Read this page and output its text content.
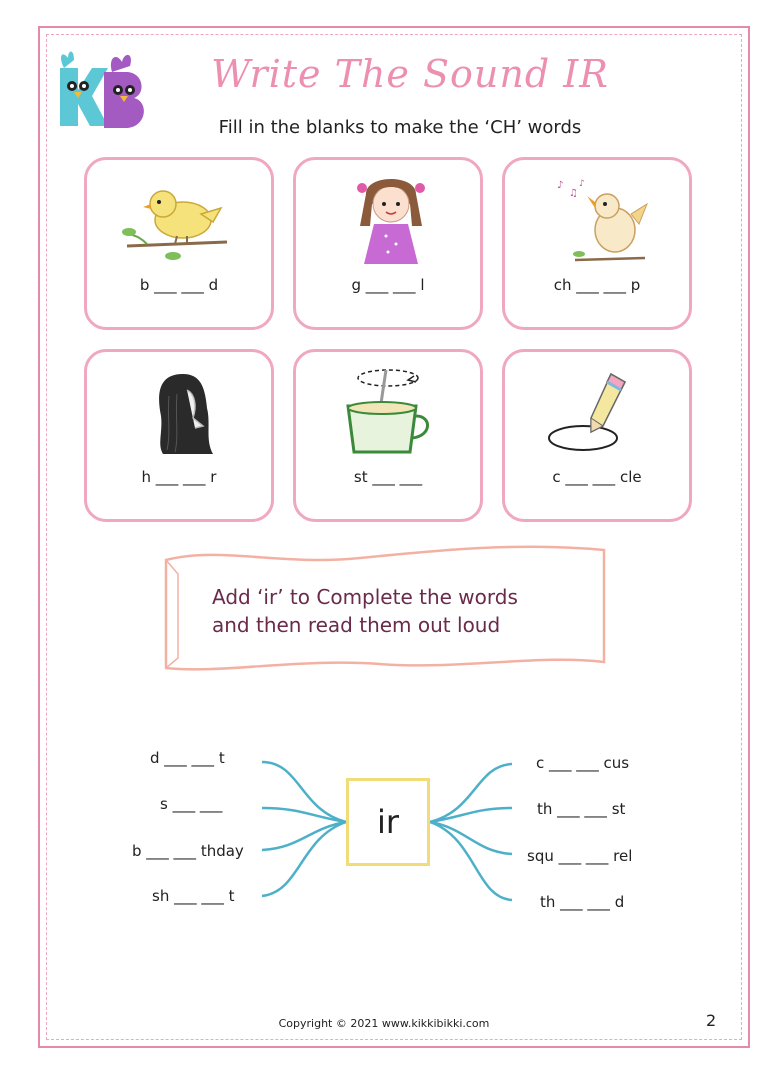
Write The Sound IR
Fill in the blanks to make the ‘CH’ words
b ___ ___ d	g ___ ___ l
♪
♫
♪
ch ___ ___ p
h ___ ___ r	st ___ ___	c ___ ___ cle
Add ‘ir’ to Complete the words
and then read them out loud
d ___ ___ t
s ___ ___
b ___ ___ thday
sh ___ ___ t
ir
c ___ ___ cus
th ___ ___ st
squ ___ ___ rel
th ___ ___ d
Copyright © 2021 www.kikkibikki.com	2
